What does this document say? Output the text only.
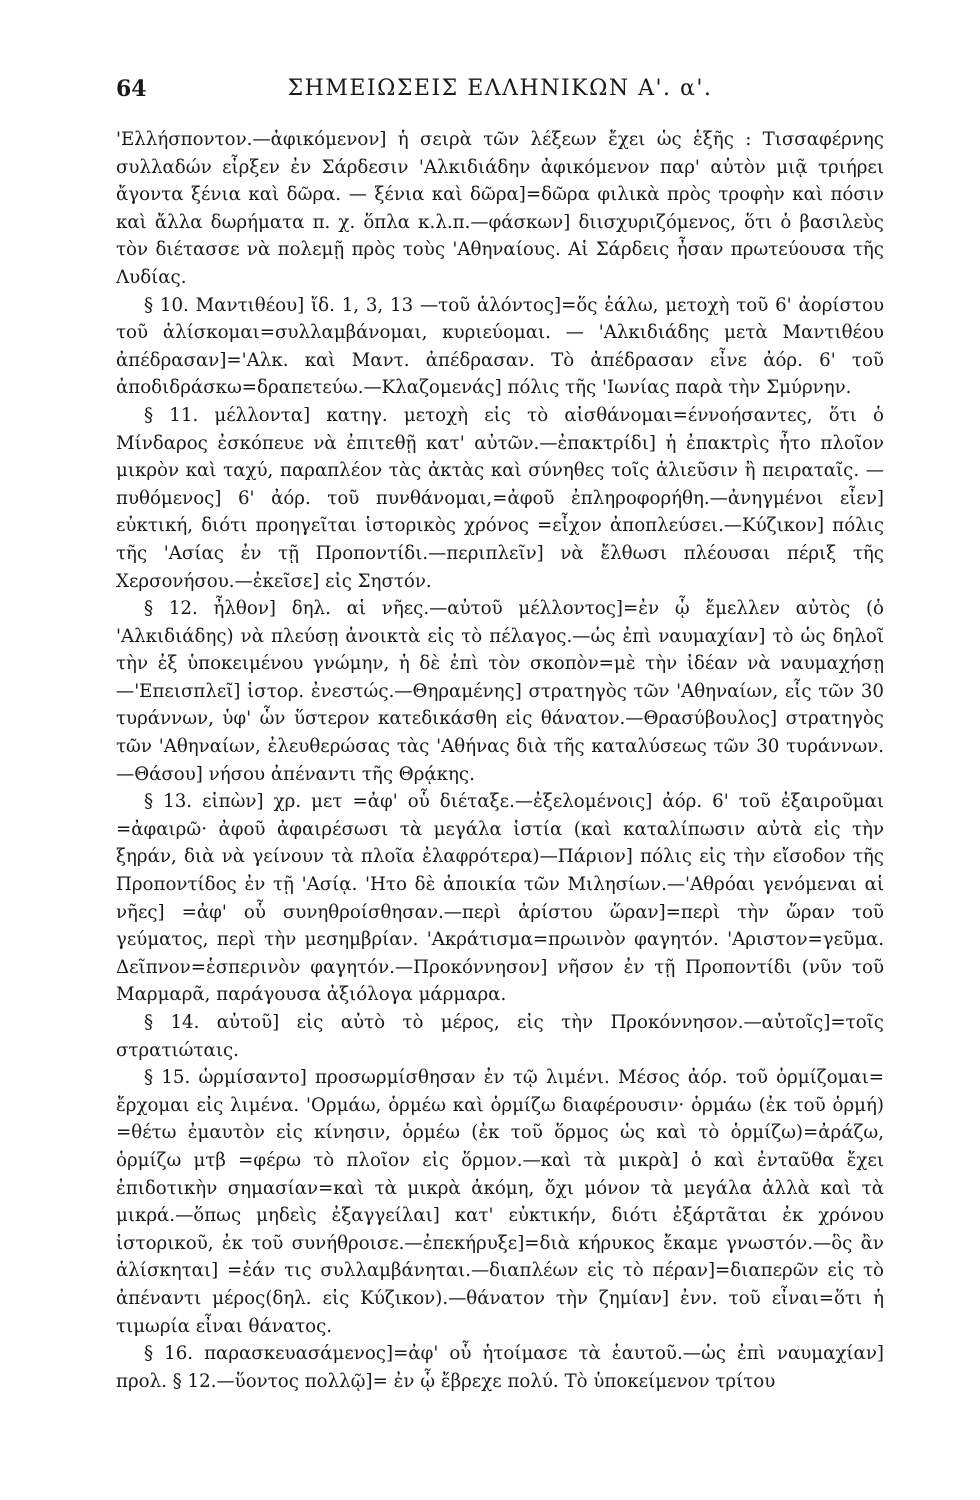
64	ΣΗΜΕΙΩΣΕΙΣ ΕΛΛΗΝΙΚΩΝ Α'. α'.

'Ελλήσποντον.—ἀφικόμενον] ἡ σειρὰ τῶν λέξεων ἔχει ὡς ἑξῆς : Τισσαφέρνης συλλαδών εἶρξεν ἐν Σάρδεσιν 'Αλκιδιάδην ἀφικόμενον παρ' αὐτὸν μιᾷ τριήρει ἄγοντα ξένια καὶ δῶρα. — ξένια καὶ δῶρα]=δῶρα φιλικὰ πρὸς τροφὴν καὶ πόσιν καὶ ἄλλα δωρήματα π. χ. ὅπλα κ.λ.π.—φάσκων] διισχυριζόμενος, ὅτι ὁ βασιλεὺς τὸν διέτασσε νὰ πολεμῇ πρὸς τοὺς 'Αθηναίους. Αἱ Σάρδεις ἦσαν πρωτεύουσα τῆς Λυδίας.

§ 10. Μαντιθέου] ἴδ. 1, 3, 13 —τοῦ ἁλόντος]=ὅς ἑάλω, μετοχὴ τοῦ 6' ἀορίστου τοῦ ἁλίσκομαι=συλλαμβάνομαι, κυριεύομαι. — 'Αλκιδιάδης μετὰ Μαντιθέου ἀπέδρασαν]='Αλκ. καὶ Μαντ. ἀπέδρασαν. Τὸ ἀπέδρασαν εἶνε ἀόρ. 6' τοῦ ἀποδιδράσκω=δραπετεύω.—Κλαζομενάς] πόλις τῆς 'Ιωνίας παρὰ τὴν Σμύρνην.

§ 11. μέλλοντα] κατηγ. μετοχὴ εἰς τὸ αἰσθάνομαι=έννοήσαντες, ὅτι ὁ Μίνδαρος ἐσκόπευε νὰ ἐπιτεθῇ κατ' αὐτῶν.—ἐπακτρίδι] ἡ ἐπακτρὶς ἦτο πλοῖον μικρὸν καὶ ταχύ, παραπλέον τὰς ἀκτὰς καὶ σύνηθες τοῖς ἁλιεῦσιν ἢ πειραταῖς. — πυθόμενος] 6' ἀόρ. τοῦ πυνθάνομαι,=ἀφοῦ ἐπληροφορήθη.—ἀνηγμένοι εἶεν] εὐκτική, διότι προηγεῖται ἱστορικὸς χρόνος =εἶχον ἀποπλεύσει.—Κύζικον] πόλις τῆς 'Ασίας ἐν τῇ Προποντίδι.—περιπλεῖν] νὰ ἔλθωσι πλέουσαι πέριξ τῆς Χερσονήσου.—ἐκεῖσε] εἰς Σηστόν.

§ 12. ἦλθον] δηλ. αἱ νῆες.—αὐτοῦ μέλλοντος]=ἐν ᾧ ἔμελλεν αὐτὸς (ὁ 'Αλκιδιάδης) νὰ πλεύσῃ ἀνοικτὰ εἰς τὸ πέλαγος.—ὡς ἐπὶ ναυμαχίαν] τὸ ὡς δηλοῖ τὴν ἐξ ὑποκειμένου γνώμην, ἡ δὲ ἐπὶ τὸν σκοπὸν=μὲ τὴν ἰδέαν νὰ ναυμαχήσῃ —'Επεισπλεῖ] ἱστορ. ἐνεστώς.—Θηραμένης] στρατηγὸς τῶν 'Αθηναίων, εἷς τῶν 30 τυράννων, ὑφ' ὧν ὕστερον κατεδικάσθη εἰς θάνατον.—Θρασύβουλος] στρατηγὸς τῶν 'Αθηναίων, ἐλευθερώσας τὰς 'Αθήνας διὰ τῆς καταλύσεως τῶν 30 τυράννων.—Θάσου] νήσου ἀπέναντι τῆς Θρᾴκης.

§ 13. εἰπὼν] χρ. μετ =ἀφ' οὗ διέταξε.—ἐξελομένοις] ἀόρ. 6' τοῦ ἐξαιροῦμαι =ἀφαιρῶ· ἀφοῦ ἀφαιρέσωσι τὰ μεγάλα ἱστία (καὶ καταλίπωσιν αὐτὰ εἰς τὴν ξηράν, διὰ νὰ γείνουν τὰ πλοῖα ἐλαφρότερα)—Πάριον] πόλις εἰς τὴν εἴσοδον τῆς Προποντίδος ἐν τῇ 'Ασίᾳ. 'Ητο δὲ ἀποικία τῶν Μιλησίων.—'Αθρόαι γενόμεναι αἱ νῆες] =ἀφ' οὗ συνηθροίσθησαν.—περὶ ἀρίστου ὥραν]=περὶ τὴν ὥραν τοῦ γεύματος, περὶ τὴν μεσημβρίαν. 'Ακράτισμα=πρωινὸν φαγητόν. 'Αριστον=γεῦμα. Δεῖπνον=ἑσπερινὸν φαγητόν.—Προκόννησον] νῆσον ἐν τῇ Προποντίδι (νῦν τοῦ Μαρμαρᾶ, παράγουσα ἀξιόλογα μάρμαρα.

§ 14. αὐτοῦ] εἰς αὐτὸ τὸ μέρος, εἰς τὴν Προκόννησον.—αὐτοῖς]=τοῖς στρατιώταις.

§ 15. ὡρμίσαντο] προσωρμίσθησαν ἐν τῷ λιμένι. Μέσος ἀόρ. τοῦ ὁρμίζομαι= ἔρχομαι εἰς λιμένα. 'Ορμάω, ὁρμέω καὶ ὁρμίζω διαφέρουσιν· ὁρμάω (ἐκ τοῦ ὁρμή) =θέτω ἐμαυτὸν εἰς κίνησιν, ὁρμέω (ἐκ τοῦ ὅρμος ὡς καὶ τὸ ὁρμίζω)=ἀράζω, ὁρμίζω μτβ =φέρω τὸ πλοῖον εἰς ὅρμον.—καὶ τὰ μικρὰ] ὁ καὶ ἐνταῦθα ἔχει ἐπιδοτικὴν σημασίαν=καὶ τὰ μικρὰ ἀκόμη, ὄχι μόνον τὰ μεγάλα ἀλλὰ καὶ τὰ μικρά.—ὅπως μηδεὶς ἐξαγγείλαι] κατ' εὐκτικήν, διότι ἐξάρτᾶται ἐκ χρόνου ἱστορικοῦ, ἐκ τοῦ συνήθροισε.—ἐπεκήρυξε]=διὰ κήρυκος ἔκαμε γνωστόν.—ὃς ἂν ἁλίσκηται] =ἐάν τις συλλαμβάνηται.—διαπλέων εἰς τὸ πέραν]=διαπερῶν εἰς τὸ ἀπέναντι μέρος(δηλ. εἰς Κύζικον).—θάνατον τὴν ζημίαν] ἐνν. τοῦ εἶναι=ὅτι ἡ τιμωρία εἶναι θάνατος.

§ 16. παρασκευασάμενος]=ἀφ' οὗ ἡτοίμασε τὰ ἑαυτοῦ.—ὡς ἐπὶ ναυμαχίαν] προλ. § 12.—ὕοντος πολλῷ]= ἐν ᾧ ἔβρεχε πολύ. Τὸ ὑποκείμενον τρίτου
